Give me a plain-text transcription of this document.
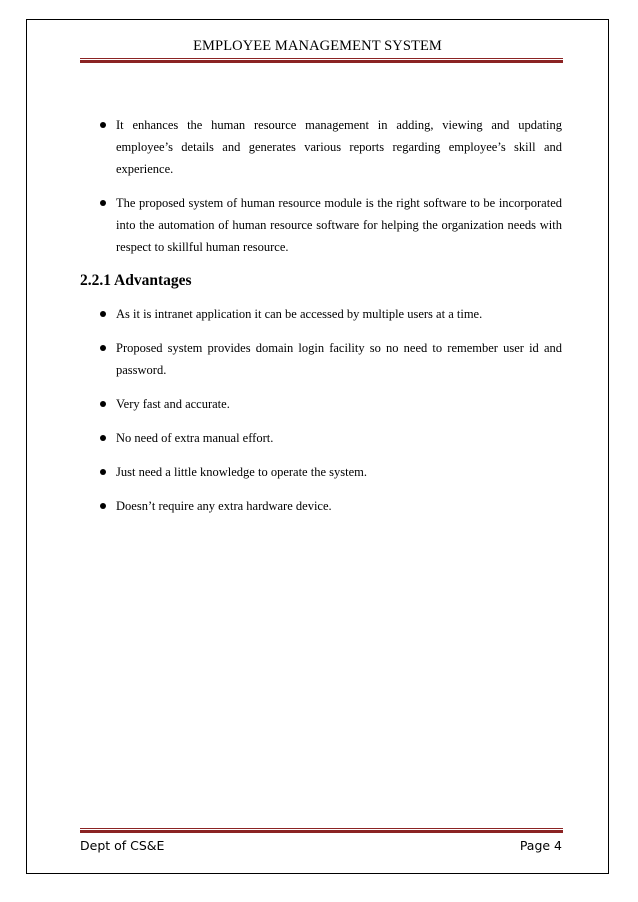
EMPLOYEE MANAGEMENT SYSTEM
It enhances the human resource management in adding, viewing and updating employee’s details and generates various reports regarding employee’s skill and experience.
The proposed system of human resource module is the right software to be incorporated into the automation of human resource software for helping the organization needs with respect to skillful human resource.
2.2.1 Advantages
As it is intranet application it can be accessed by multiple users at a time.
Proposed system provides domain login facility so no need to remember user id and password.
Very fast and accurate.
No need of extra manual effort.
Just need a little knowledge to operate the system.
Doesn’t require any extra hardware device.
Dept of CS&E	Page 4
